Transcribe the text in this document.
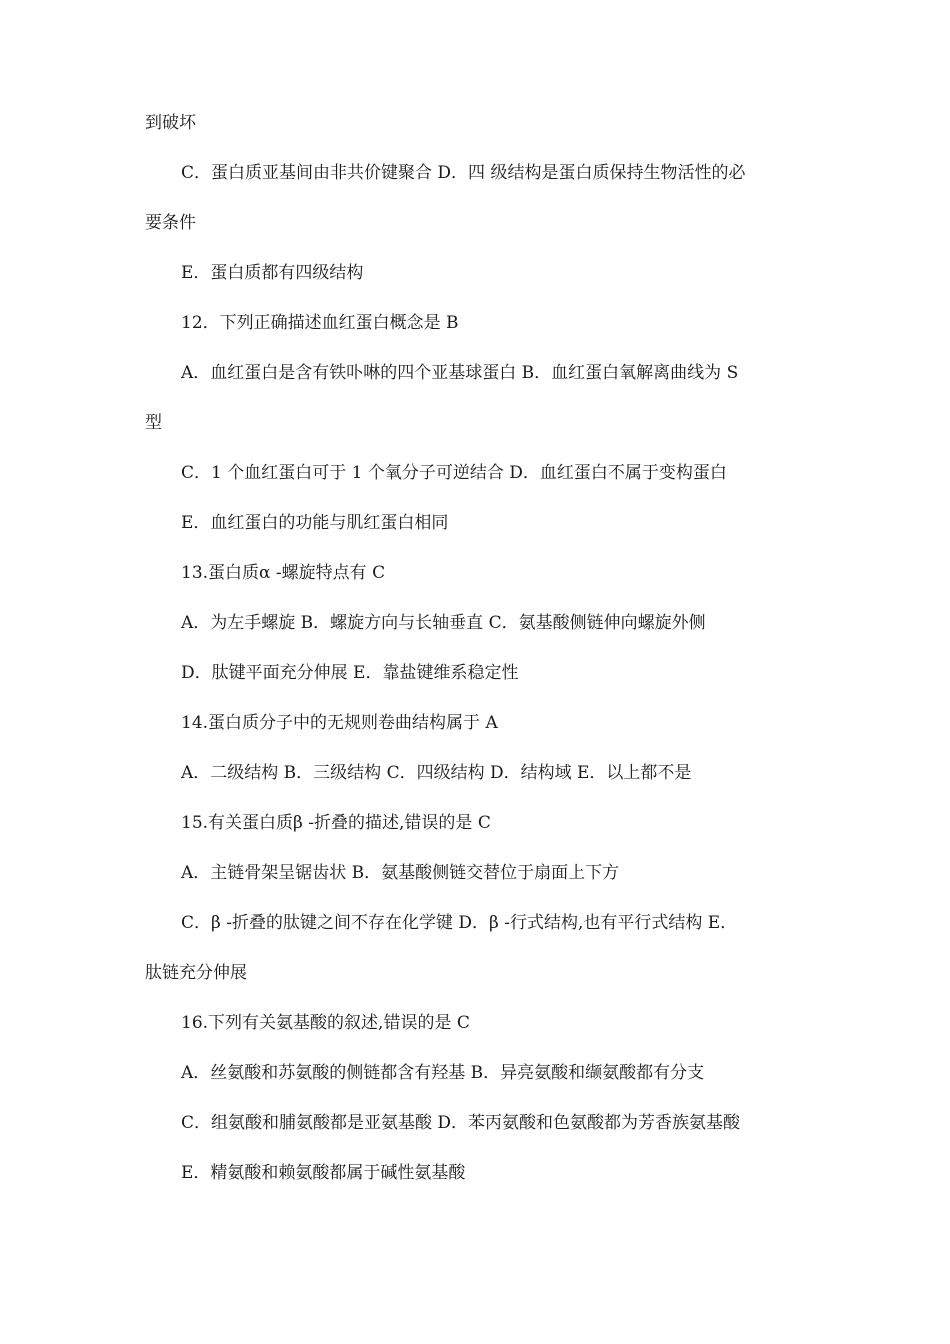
到破坏
C．蛋白质亚基间由非共价键聚合 D．四 级结构是蛋白质保持生物活性的必
要条件
E．蛋白质都有四级结构
12．下列正确描述血红蛋白概念是 B
A．血红蛋白是含有铁卟啉的四个亚基球蛋白 B．血红蛋白氧解离曲线为 S
型
C．1 个血红蛋白可于 1 个氧分子可逆结合 D．血红蛋白不属于变构蛋白
E．血红蛋白的功能与肌红蛋白相同
13.蛋白质α -螺旋特点有 C
A．为左手螺旋 B．螺旋方向与长轴垂直 C．氨基酸侧链伸向螺旋外侧
D．肽键平面充分伸展 E．靠盐键维系稳定性
14.蛋白质分子中的无规则卷曲结构属于 A
A．二级结构 B．三级结构 C．四级结构 D．结构域 E．以上都不是
15.有关蛋白质β -折叠的描述,错误的是 C
A．主链骨架呈锯齿状 B．氨基酸侧链交替位于扇面上下方
C．β -折叠的肽键之间不存在化学键 D．β -行式结构,也有平行式结构 E．
肽链充分伸展
16.下列有关氨基酸的叙述,错误的是 C
A．丝氨酸和苏氨酸的侧链都含有羟基 B．异亮氨酸和缬氨酸都有分支
C．组氨酸和脯氨酸都是亚氨基酸 D．苯丙氨酸和色氨酸都为芳香族氨基酸
E．精氨酸和赖氨酸都属于碱性氨基酸
